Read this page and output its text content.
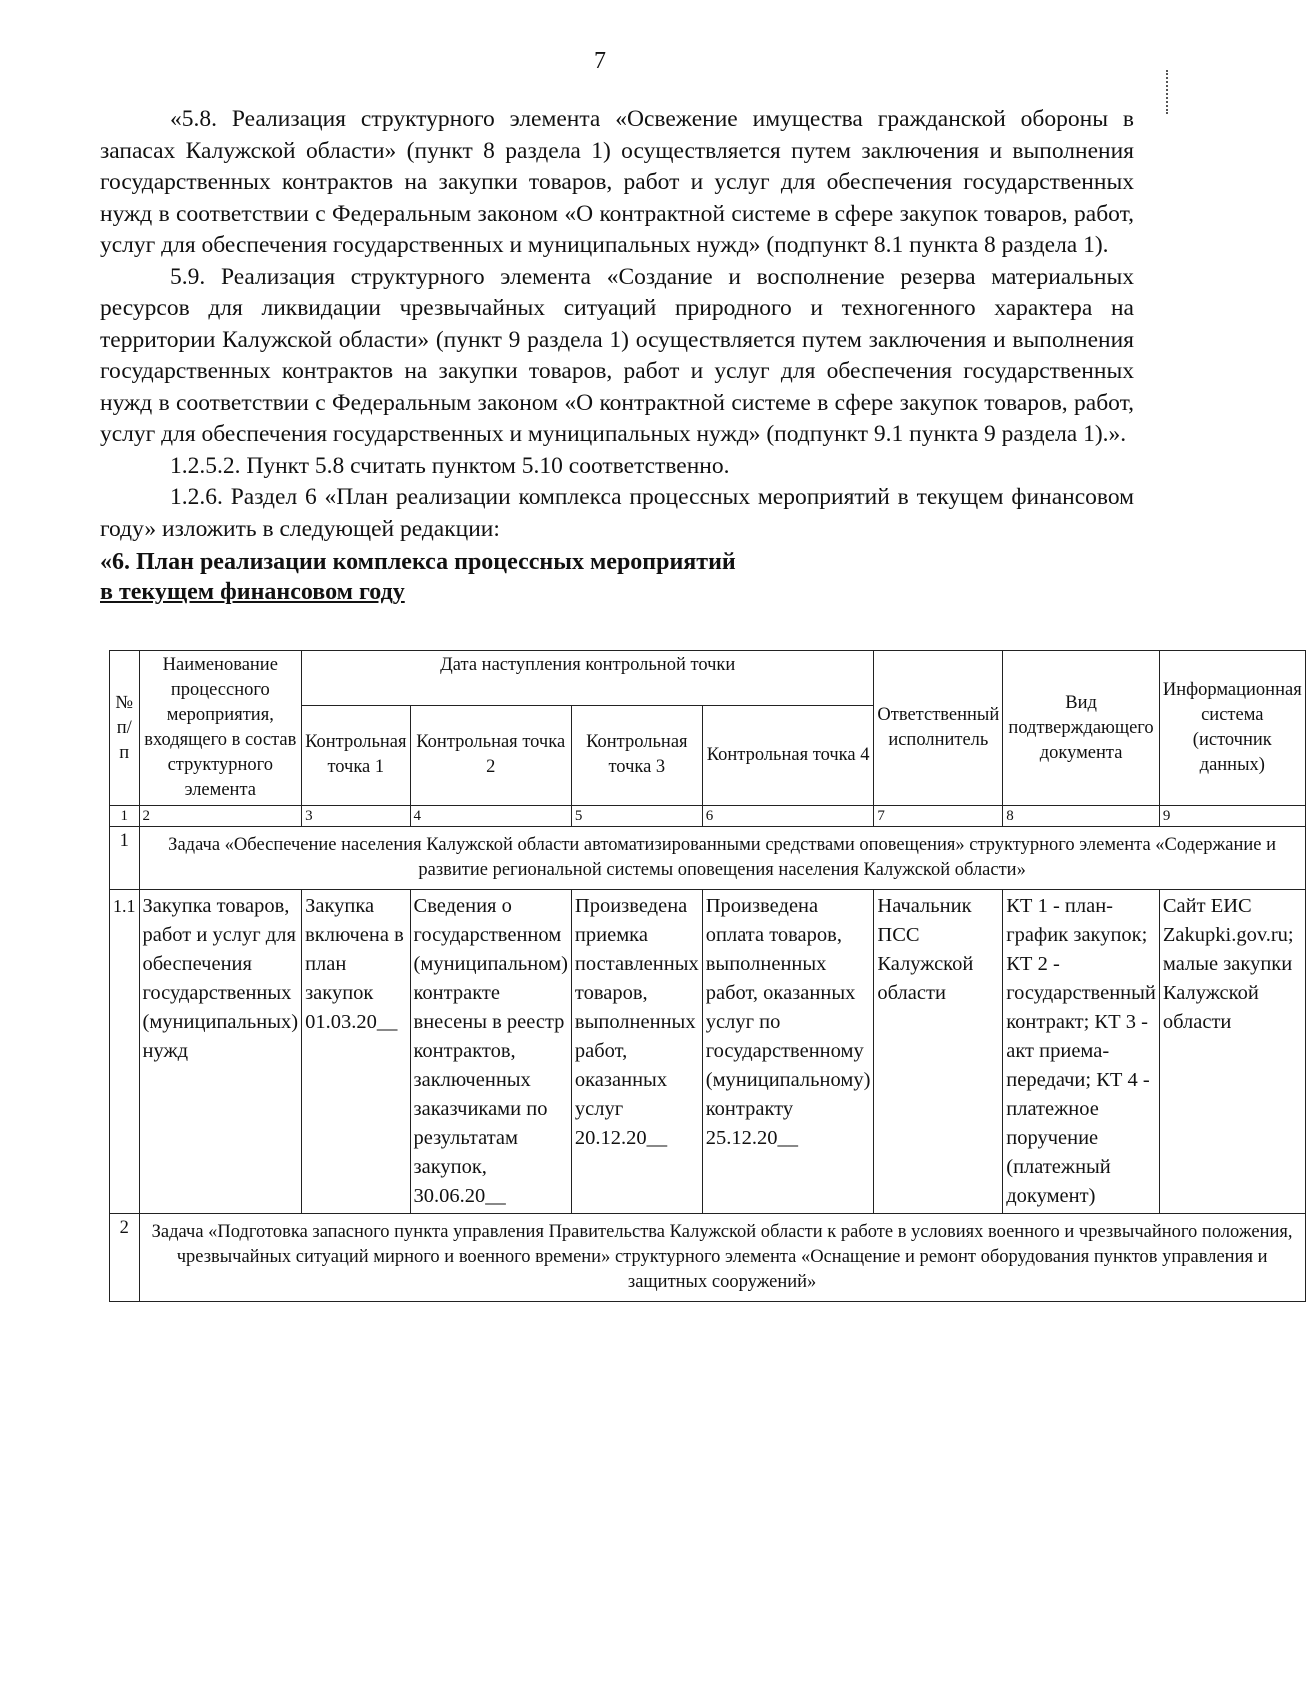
7

«5.8. Реализация структурного элемента «Освежение имущества гражданской обороны в запасах Калужской области» (пункт 8 раздела 1) осуществляется путем заключения и выполнения государственных контрактов на закупки товаров, работ и услуг для обеспечения государственных нужд в соответствии с Федеральным законом «О контрактной системе в сфере закупок товаров, работ, услуг для обеспечения государственных и муниципальных нужд» (подпункт 8.1 пункта 8 раздела 1).

5.9. Реализация структурного элемента «Создание и восполнение резерва материальных ресурсов для ликвидации чрезвычайных ситуаций природного и техногенного характера на территории Калужской области» (пункт 9 раздела 1) осуществляется путем заключения и выполнения государственных контрактов на закупки товаров, работ и услуг для обеспечения государственных нужд в соответствии с Федеральным законом «О контрактной системе в сфере закупок товаров, работ, услуг для обеспечения государственных и муниципальных нужд» (подпункт 9.1 пункта 9 раздела 1).».

1.2.5.2. Пункт 5.8 считать пунктом 5.10 соответственно.

1.2.6. Раздел 6 «План реализации комплекса процессных мероприятий в текущем финансовом году» изложить в следующей редакции:

«6. План реализации комплекса процессных мероприятий
в текущем финансовом году

№ п/п	Наименование процессного мероприятия, входящего в состав структурного элемента	Дата наступления контрольной точки				Ответственный исполнитель	Вид подтверждающего документа	Информационная система (источник данных)
		Контрольная точка 1	Контрольная точка 2	Контрольная точка 3	Контрольная точка 4			
1	2	3	4	5	6	7	8	9
1	Задача «Обеспечение населения Калужской области автоматизированными средствами оповещения» структурного элемента «Содержание и развитие региональной системы оповещения населения Калужской области»							
1.1	Закупка товаров, работ и услуг для обеспечения государственных (муниципальных) нужд	Закупка включена в план закупок 01.03.20__	Сведения о государственном (муниципальном) контракте внесены в реестр контрактов, заключенных заказчиками по результатам закупок, 30.06.20__	Произведена приемка поставленных товаров, выполненных работ, оказанных услуг 20.12.20__	Произведена оплата товаров, выполненных работ, оказанных услуг по государственному (муниципальному) контракту 25.12.20__	Начальник ПСС Калужской области	КТ 1 - план-график закупок; КТ 2 - государственный контракт; КТ 3 - акт приема-передачи; КТ 4 - платежное поручение (платежный документ)	Сайт ЕИС Zakupki.gov.ru; малые закупки Калужской области
2	Задача «Подготовка запасного пункта управления Правительства Калужской области к работе в условиях военного и чрезвычайного положения, чрезвычайных ситуаций мирного и военного времени» структурного элемента «Оснащение и ремонт оборудования пунктов управления и защитных сооружений»							
